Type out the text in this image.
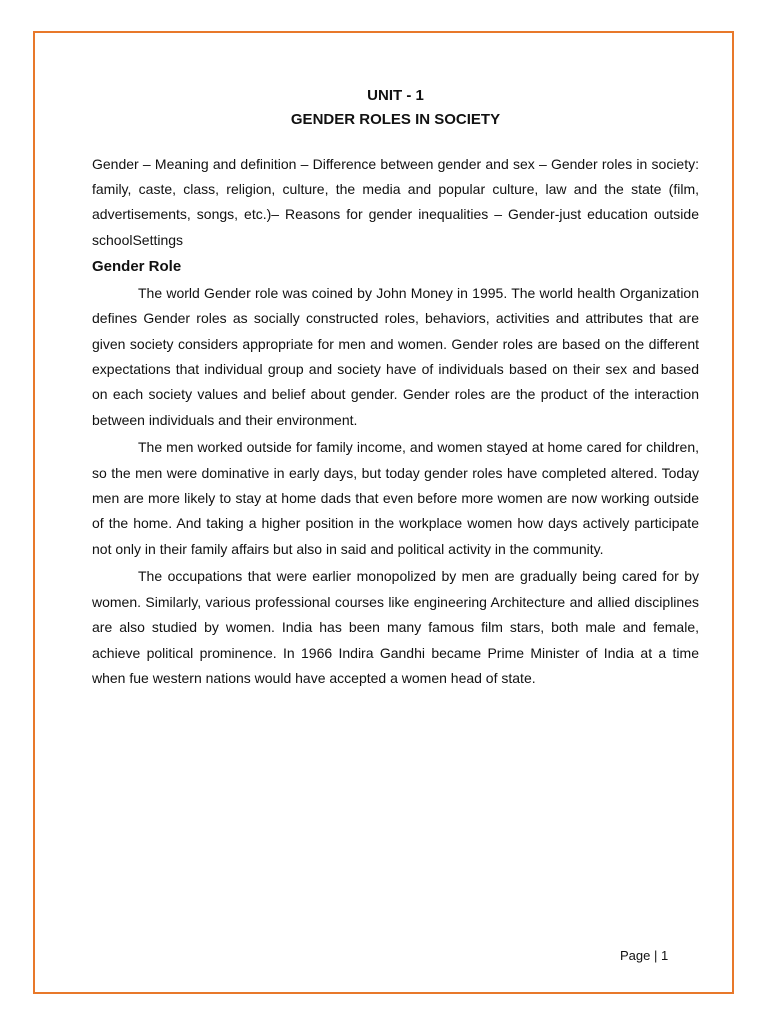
UNIT - 1
GENDER ROLES IN SOCIETY

Gender – Meaning and definition – Difference between gender and sex – Gender roles in society: family, caste, class, religion, culture, the media and popular culture, law and the state (film, advertisements, songs, etc.)– Reasons for gender inequalities – Gender-just education outside schoolSettings

Gender Role

The world Gender role was coined by John Money in 1995. The world health Organization defines Gender roles as socially constructed roles, behaviors, activities and attributes that are given society considers appropriate for men and women. Gender roles are based on the different expectations that individual group and society have of individuals based on their sex and based on each society values and belief about gender. Gender roles are the product of the interaction between individuals and their environment.

The men worked outside for family income, and women stayed at home cared for children, so the men were dominative in early days, but today gender roles have completed altered. Today men are more likely to stay at home dads that even before more women are now working outside of the home. And taking a higher position in the workplace women how days actively participate not only in their family affairs but also in said and political activity in the community.

The occupations that were earlier monopolized by men are gradually being cared for by women. Similarly, various professional courses like engineering Architecture and allied disciplines are also studied by women. India has been many famous film stars, both male and female, achieve political prominence. In 1966 Indira Gandhi became Prime Minister of India at a time when fue western nations would have accepted a women head of state.

Page | 1
